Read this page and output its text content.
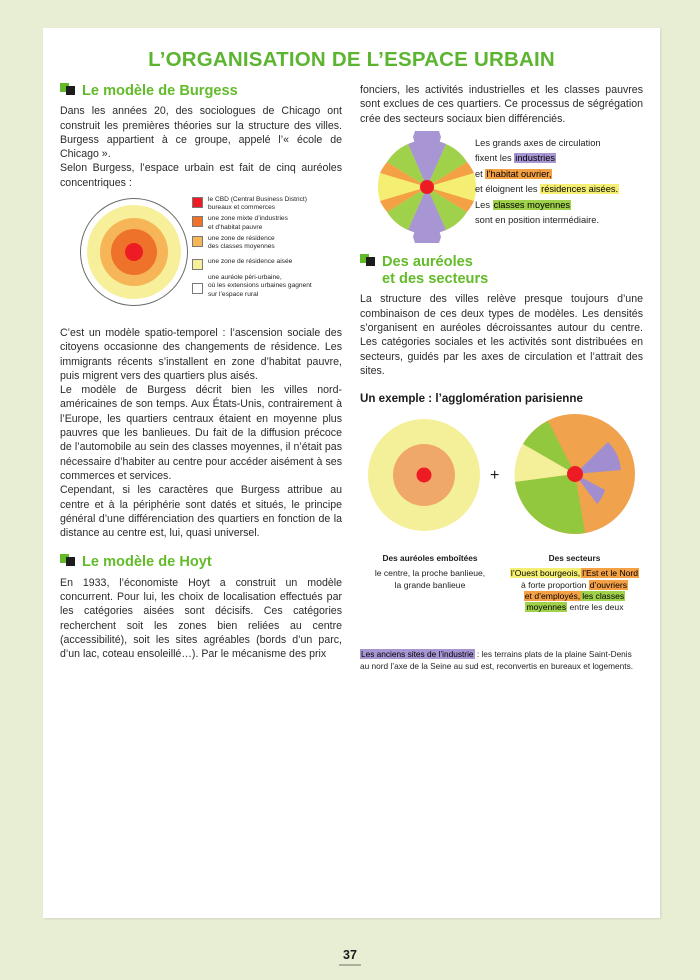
L’ORGANISATION DE L’ESPACE URBAIN
Le modèle de Burgess

Dans les années 20, des sociologues de Chicago ont construit les premières théories sur la structure des villes. Burgess appartient à ce groupe, appelé l’« école de Chicago ».

Selon Burgess, l’espace urbain est fait de cinq auréoles concentriques :

le CBD (Central Business District)
bureaux et commerces
une zone mixte d’industries
et d’habitat pauvre
une zone de résidence
des classes moyennes
une zone de résidence aisée
une auréole péri-urbaine,
où les extensions urbaines gagnent
sur l’espace rural

C’est un modèle spatio-temporel : l’ascension sociale des citoyens occasionne des changements de résidence. Les immigrants récents s’installent en zone d’habitat pauvre, puis migrent vers des quartiers plus aisés.

Le modèle de Burgess décrit bien les villes nord-américaines de son temps. Aux États-Unis, contrairement à l’Europe, les quartiers centraux étaient en moyenne plus pauvres que les banlieues. Du fait de la diffusion précoce de l’automobile au sein des classes moyennes, il n’était pas nécessaire d’habiter au centre pour accéder aisément à ses commerces et services.

Cependant, si les caractères que Burgess attribue au centre et à la périphérie sont datés et situés, le principe général d’une différenciation des quartiers en fonction de la distance au centre est, lui, quasi universel.

Le modèle de Hoyt

En 1933, l’économiste Hoyt a construit un modèle concurrent. Pour lui, les choix de localisation effectués par les catégories aisées sont décisifs. Ces catégories recherchent soit les zones bien reliées au centre (accessibilité), soit les sites agréables (bords d’un parc, d’un lac, coteau ensoleillé…). Par le mécanisme des prix

fonciers, les activités industrielles et les classes pauvres sont exclues de ces quartiers. Ce processus de ségrégation crée des secteurs sociaux bien différenciés.

Les grands axes de circulation

fixent les industries

et l’habitat ouvrier,

et éloignent les résidences aisées.

Les classes moyennes

sont en position intermédiaire.

Des auréoles
et des secteurs

La structure des villes relève presque toujours d’une combinaison de ces deux types de modèles. Les densités s’organisent en auréoles décroissantes autour du centre. Les catégories sociales et les activités sont distribuées en secteurs, guidés par les axes de circulation et l’attrait des sites.

Un exemple : l’agglomération parisienne
+
Des auréoles emboîtées
le centre, la proche banlieue,
la grande banlieue
Des secteurs
l’Ouest bourgeois, l’Est et le Nord
à forte proportion d’ouvriers
et d’employés, les classes
moyennes entre les deux
Les anciens sites de l’industrie : les terrains plats de la plaine Saint-Denis au nord l’axe de la Seine au sud est, reconvertis en bureaux et logements.
37
